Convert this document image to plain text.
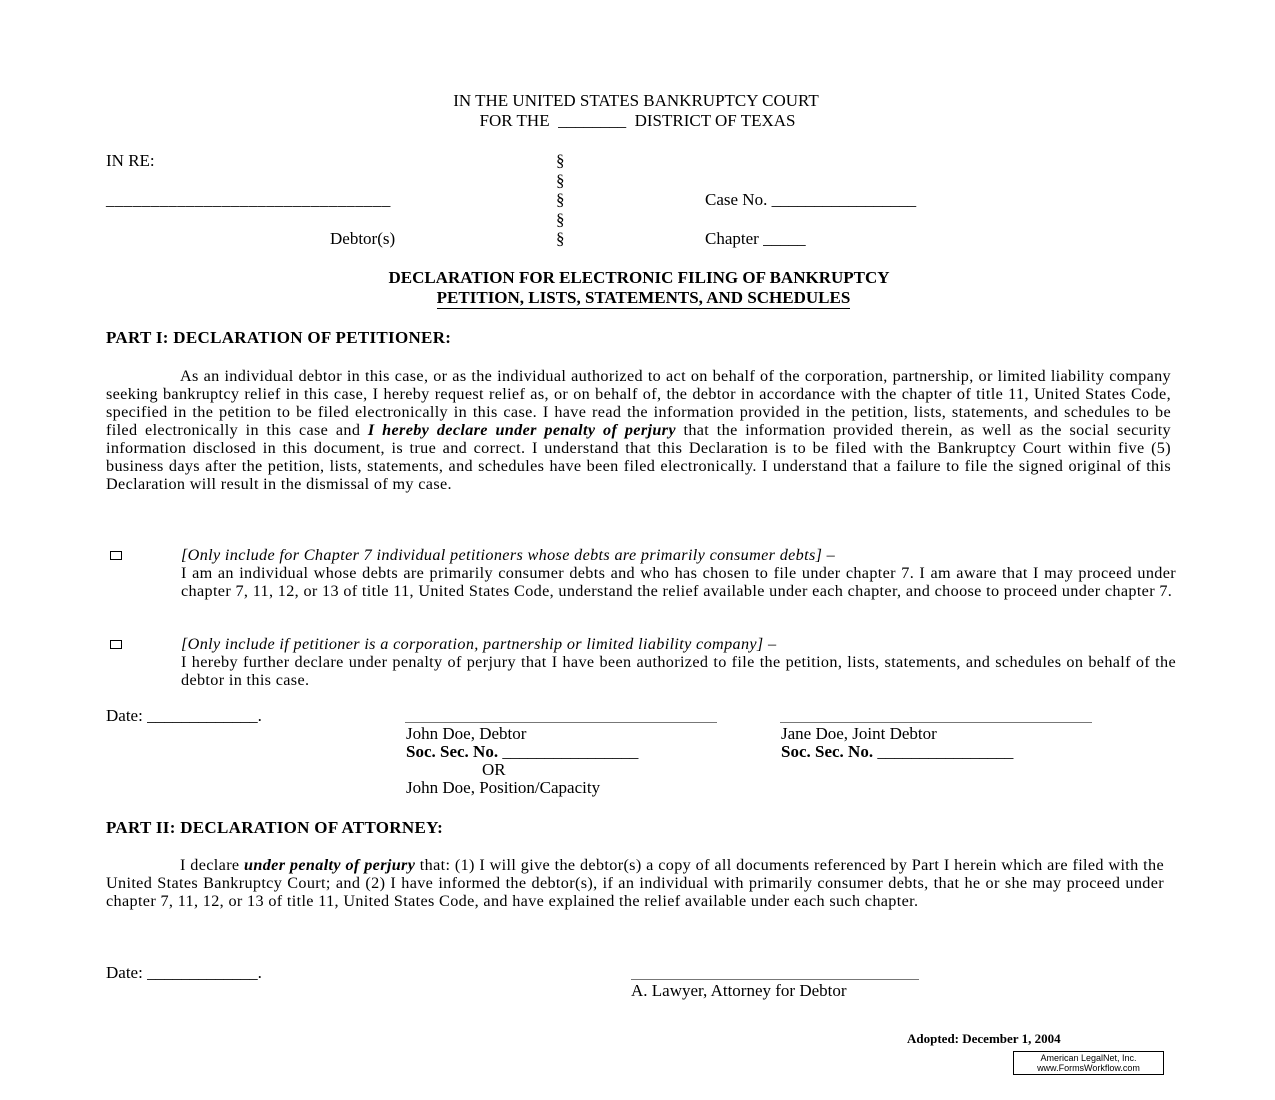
IN THE UNITED STATES BANKRUPTCY COURT
FOR THE  ________  DISTRICT OF TEXAS
IN RE:
________________________________
Debtor(s)
§
§
§
§
§
Case No. _________________
Chapter _____
DECLARATION FOR ELECTRONIC FILING OF BANKRUPTCY
PETITION, LISTS, STATEMENTS, AND SCHEDULES
PART I: DECLARATION OF PETITIONER:
As an individual debtor in this case, or as the individual authorized to act on behalf of the corporation, partnership, or limited liability company seeking bankruptcy relief in this case, I hereby request relief as, or on behalf of, the debtor in accordance with the chapter of title 11, United States Code, specified in the petition to be filed electronically in this case. I have read the information provided in the petition, lists, statements, and schedules to be filed electronically in this case and I hereby declare under penalty of perjury that the information provided therein, as well as the social security information disclosed in this document, is true and correct. I understand that this Declaration is to be filed with the Bankruptcy Court within five (5) business days after the petition, lists, statements, and schedules have been filed electronically. I understand that a failure to file the signed original of this Declaration will result in the dismissal of my case.
[Only include for Chapter 7 individual petitioners whose debts are primarily consumer debts] –
I am an individual whose debts are primarily consumer debts and who has chosen to file under chapter 7. I am aware that I may proceed under chapter 7, 11, 12, or 13 of title 11, United States Code, understand the relief available under each chapter, and choose to proceed under chapter 7.
[Only include if petitioner is a corporation, partnership or limited liability company] –
I hereby further declare under penalty of perjury that I have been authorized to file the petition, lists, statements, and schedules on behalf of the debtor in this case.
Date: _____________.
John Doe, Debtor
Soc. Sec. No. ________________
OR
John Doe, Position/Capacity
Jane Doe, Joint Debtor
Soc. Sec. No. ________________
PART II: DECLARATION OF ATTORNEY:
I declare under penalty of perjury that: (1) I will give the debtor(s) a copy of all documents referenced by Part I herein which are filed with the United States Bankruptcy Court; and (2) I have informed the debtor(s), if an individual with primarily consumer debts, that he or she may proceed under chapter 7, 11, 12, or 13 of title 11, United States Code, and have explained the relief available under each such chapter.
Date: _____________.
A. Lawyer, Attorney for Debtor
Adopted: December 1, 2004
American LegalNet, Inc.
www.FormsWorkflow.com
